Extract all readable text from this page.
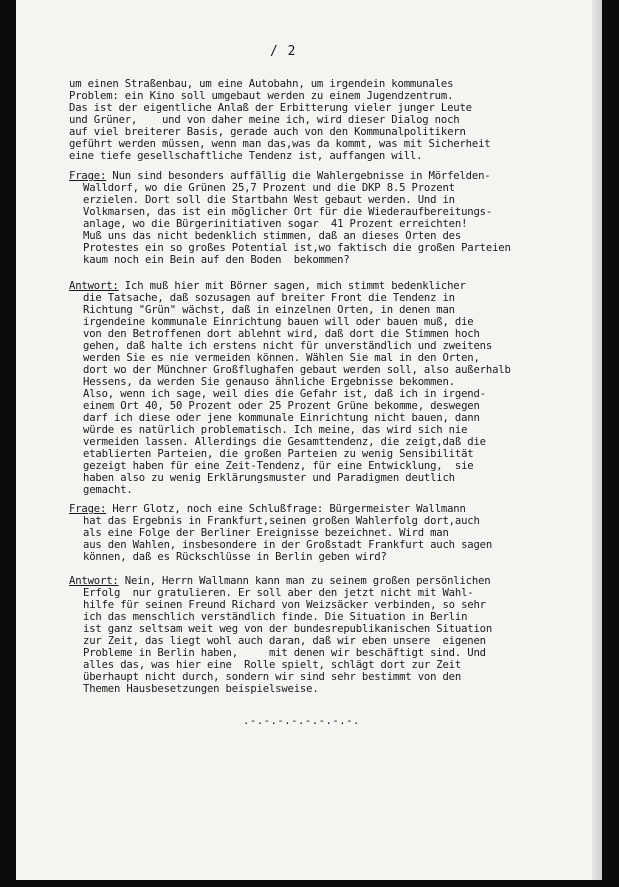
/ 2
um einen Straßenbau, um eine Autobahn, um irgendein kommunales
Problem: ein Kino soll umgebaut werden zu einem Jugendzentrum.
Das ist der eigentliche Anlaß der Erbitterung vieler junger Leute
und Grüner,    und von daher meine ich, wird dieser Dialog noch
auf viel breiterer Basis, gerade auch von den Kommunalpolitikern
geführt werden müssen, wenn man das,was da kommt, was mit Sicherheit
eine tiefe gesellschaftliche Tendenz ist, auffangen will.
Frage: Nun sind besonders auffällig die Wahlergebnisse in Mörfelden-
Walldorf, wo die Grünen 25,7 Prozent und die DKP 8.5 Prozent
erzielen. Dort soll die Startbahn West gebaut werden. Und in
Volkmarsen, das ist ein möglicher Ort für die Wiederaufbereitungs-
anlage, wo die Bürgerinitiativen sogar  41 Prozent erreichten!
Muß uns das nicht bedenklich stimmen, daß an dieses Orten des
Protestes ein so großes Potential ist,wo faktisch die großen Parteien
kaum noch ein Bein auf den Boden  bekommen?
Antwort: Ich muß hier mit Börner sagen, mich stimmt bedenklicher
die Tatsache, daß sozusagen auf breiter Front die Tendenz in
Richtung "Grün" wächst, daß in einzelnen Orten, in denen man
irgendeine kommunale Einrichtung bauen will oder bauen muß, die
von den Betroffenen dort ablehnt wird, daß dort die Stimmen hoch
gehen, daß halte ich erstens nicht für unverständlich und zweitens
werden Sie es nie vermeiden können. Wählen Sie mal in den Orten,
dort wo der Münchner Großflughafen gebaut werden soll, also außerhalb
Hessens, da werden Sie genauso ähnliche Ergebnisse bekommen.
Also, wenn ich sage, weil dies die Gefahr ist, daß ich in irgend-
einem Ort 40, 50 Prozent oder 25 Prozent Grüne bekomme, deswegen
darf ich diese oder jene kommunale Einrichtung nicht bauen, dann
würde es natürlich problematisch. Ich meine, das wird sich nie
vermeiden lassen. Allerdings die Gesamttendenz, die zeigt,daß die
etablierten Parteien, die großen Parteien zu wenig Sensibilität
gezeigt haben für eine Zeit-Tendenz, für eine Entwicklung,  sie
haben also zu wenig Erklärungsmuster und Paradigmen deutlich
gemacht.
Frage: Herr Glotz, noch eine Schlußfrage: Bürgermeister Wallmann
hat das Ergebnis in Frankfurt,seinen großen Wahlerfolg dort,auch
als eine Folge der Berliner Ereignisse bezeichnet. Wird man
aus den Wahlen, insbesondere in der Großstadt Frankfurt auch sagen
können, daß es Rückschlüsse in Berlin geben wird?
Antwort: Nein, Herrn Wallmann kann man zu seinem großen persönlichen
Erfolg  nur gratulieren. Er soll aber den jetzt nicht mit Wahl-
hilfe für seinen Freund Richard von Weizsäcker verbinden, so sehr
ich das menschlich verständlich finde. Die Situation in Berlin
ist ganz seltsam weit weg von der bundesrepublikanischen Situation
zur Zeit, das liegt wohl auch daran, daß wir eben unsere  eigenen
Probleme in Berlin haben,     mit denen wir beschäftigt sind. Und
alles das, was hier eine  Rolle spielt, schlägt dort zur Zeit
überhaupt nicht durch, sondern wir sind sehr bestimmt von den
Themen Hausbesetzungen beispielsweise.
.-.-.-.-.-.-.-.-.
